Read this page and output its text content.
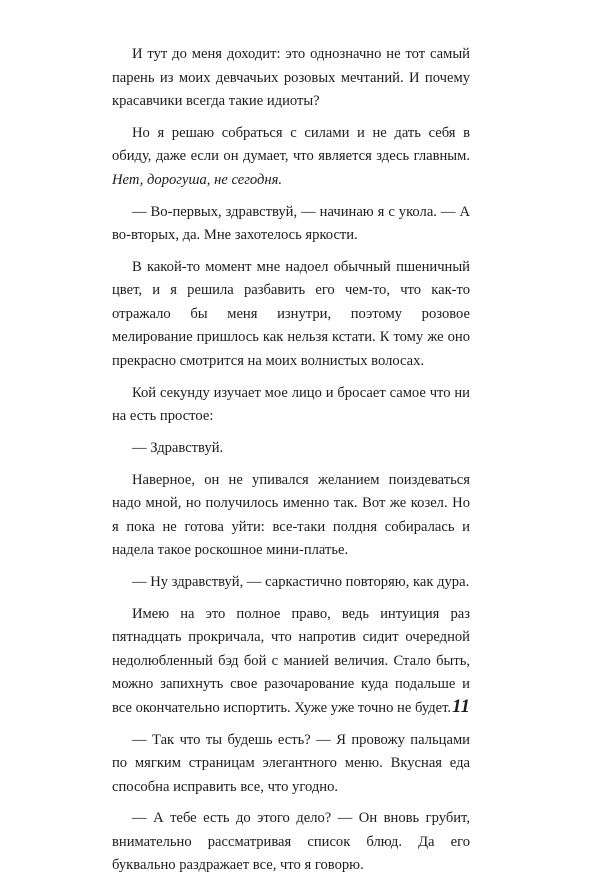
И тут до меня доходит: это однозначно не тот самый парень из моих девчачьих розовых мечтаний. И почему красавчики всегда такие идиоты?

Но я решаю собраться с силами и не дать себя в обиду, даже если он думает, что является здесь главным. Нет, дорогуша, не сегодня.

— Во-первых, здравствуй, — начинаю я с укола. — А во-вторых, да. Мне захотелось яркости.

В какой-то момент мне надоел обычный пшеничный цвет, и я решила разбавить его чем-то, что как-то отражало бы меня изнутри, поэтому розовое мелирование пришлось как нельзя кстати. К тому же оно прекрасно смотрится на моих волнистых волосах.

Кой секунду изучает мое лицо и бросает самое что ни на есть простое:

— Здравствуй.

Наверное, он не упивался желанием поиздеваться надо мной, но получилось именно так. Вот же козел. Но я пока не готова уйти: все-таки полдня собиралась и надела такое роскошное мини-платье.

— Ну здравствуй, — саркастично повторяю, как дура.

Имею на это полное право, ведь интуиция раз пятнадцать прокричала, что напротив сидит очередной недолюбленный бэд бой с манией величия. Стало быть, можно запихнуть свое разочарование куда подальше и все окончательно испортить. Хуже уже точно не будет.

— Так что ты будешь есть? — Я провожу пальцами по мягким страницам элегантного меню. Вкусная еда способна исправить все, что угодно.

— А тебе есть до этого дело? — Он вновь грубит, внимательно рассматривая список блюд. Да его буквально раздражает все, что я говорю.

11
